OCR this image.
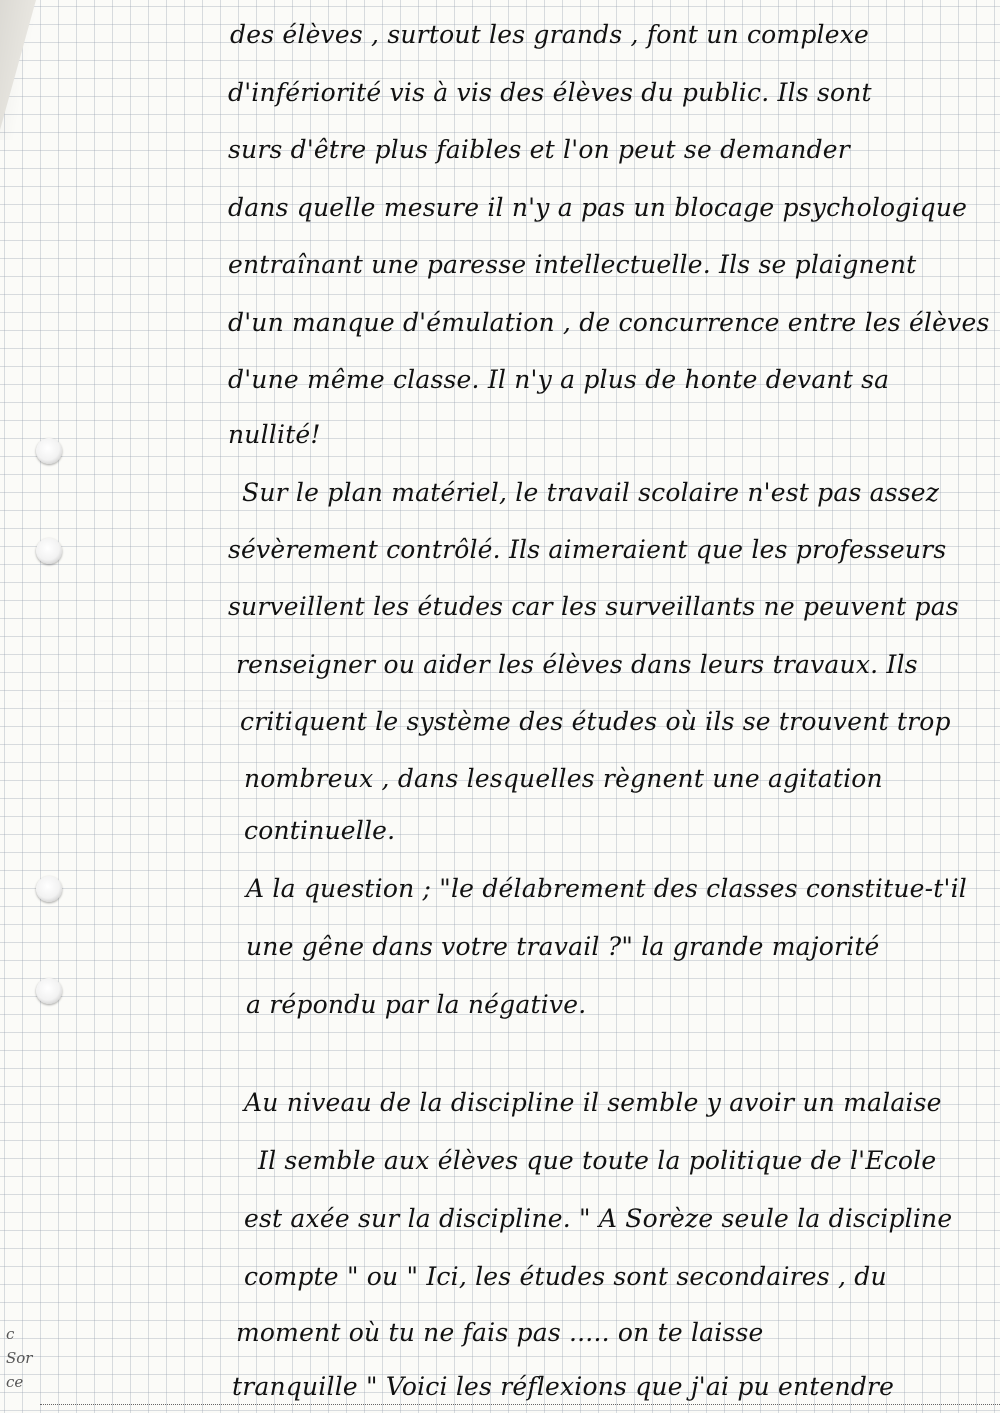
des élèves , surtout les grands , font un complexe
d'infériorité vis à vis des élèves du public. Ils sont
surs d'être plus faibles et l'on peut se demander
dans quelle mesure il n'y a pas un blocage psychologique
entraînant une paresse intellectuelle. Ils se plaignent
d'un manque d'émulation , de concurrence entre les élèves
d'une même classe. Il n'y a plus de honte devant sa
nullité!
Sur le plan matériel, le travail scolaire n'est pas assez
sévèrement contrôlé. Ils aimeraient que les professeurs
surveillent les études car les surveillants ne peuvent pas
renseigner ou aider les élèves dans leurs travaux. Ils
critiquent le système des études où ils se trouvent trop
nombreux , dans lesquelles règnent une agitation
continuelle.
A la question ; "le délabrement des classes constitue-t'il
une gêne dans votre travail ?" la grande majorité
a répondu par la négative.
Au niveau de la discipline il semble y avoir un malaise
Il semble aux élèves que toute la politique de l'Ecole
est axée sur la discipline. " A Sorèze seule la discipline
compte " ou " Ici, les études sont secondaires , du
moment où tu ne fais pas ..... on te laisse
tranquille " Voici les réflexions que j'ai pu entendre
c
Sor
ce
